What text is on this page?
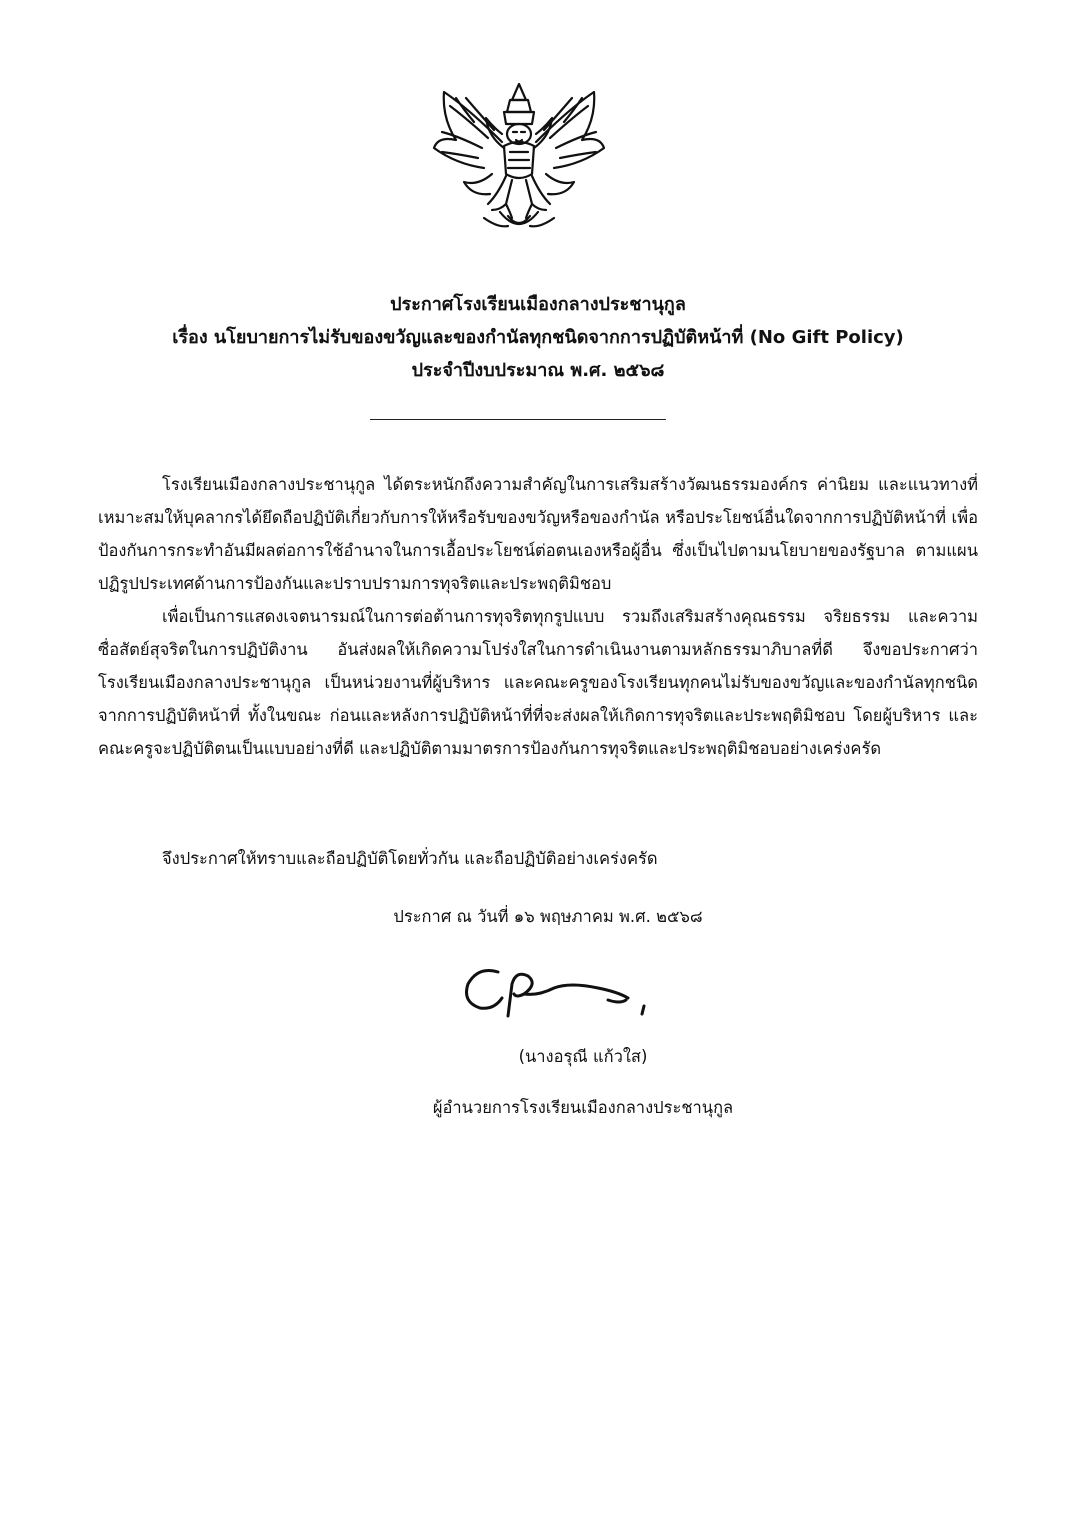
ประกาศโรงเรียนเมืองกลางประชานุกูล
เรื่อง นโยบายการไม่รับของขวัญและของกำนัลทุกชนิดจากการปฏิบัติหน้าที่ (No Gift Policy)
ประจำปีงบประมาณ พ.ศ. ๒๕๖๘

โรงเรียนเมืองกลางประชานุกูล ได้ตระหนักถึงความสำคัญในการเสริมสร้างวัฒนธรรมองค์กร ค่านิยม และแนวทางที่เหมาะสมให้บุคลากรได้ยึดถือปฏิบัติเกี่ยวกับการให้หรือรับของขวัญหรือของกำนัล หรือประโยชน์อื่นใดจากการปฏิบัติหน้าที่ เพื่อป้องกันการกระทำอันมีผลต่อการใช้อำนาจในการเอื้อประโยชน์ต่อตนเองหรือผู้อื่น ซึ่งเป็นไปตามนโยบายของรัฐบาล ตามแผนปฏิรูปประเทศด้านการป้องกันและปราบปรามการทุจริตและประพฤติมิชอบ

เพื่อเป็นการแสดงเจตนารมณ์ในการต่อต้านการทุจริตทุกรูปแบบ รวมถึงเสริมสร้างคุณธรรม จริยธรรม และความซื่อสัตย์สุจริตในการปฏิบัติงาน อันส่งผลให้เกิดความโปร่งใสในการดำเนินงานตามหลักธรรมาภิบาลที่ดี จึงขอประกาศว่า โรงเรียนเมืองกลางประชานุกูล เป็นหน่วยงานที่ผู้บริหาร และคณะครูของโรงเรียนทุกคนไม่รับของขวัญและของกำนัลทุกชนิดจากการปฏิบัติหน้าที่ ทั้งในขณะ ก่อนและหลังการปฏิบัติหน้าที่ที่จะส่งผลให้เกิดการทุจริตและประพฤติมิชอบ โดยผู้บริหาร และคณะครูจะปฏิบัติตนเป็นแบบอย่างที่ดี และปฏิบัติตามมาตรการป้องกันการทุจริตและประพฤติมิชอบอย่างเคร่งครัด

จึงประกาศให้ทราบและถือปฏิบัติโดยทั่วกัน และถือปฏิบัติอย่างเคร่งครัด
ประกาศ ณ วันที่ ๑๖ พฤษภาคม พ.ศ. ๒๕๖๘
(นางอรุณี แก้วใส)
ผู้อำนวยการโรงเรียนเมืองกลางประชานุกูล
